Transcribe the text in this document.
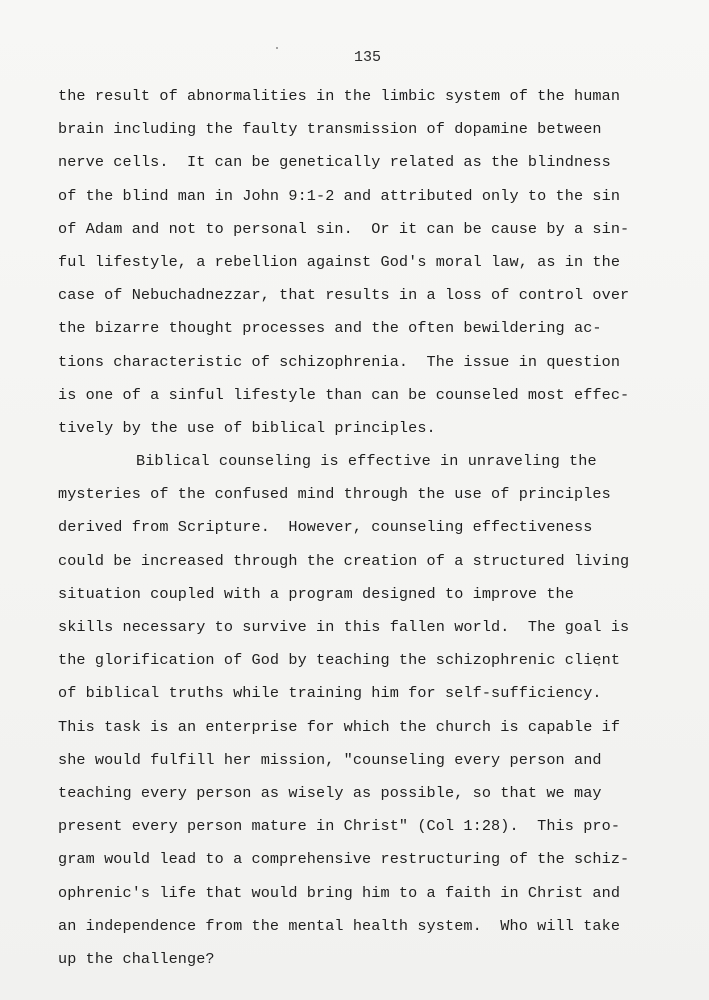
135
the result of abnormalities in the limbic system of the human
brain including the faulty transmission of dopamine between
nerve cells.  It can be genetically related as the blindness
of the blind man in John 9:1-2 and attributed only to the sin
of Adam and not to personal sin.  Or it can be cause by a sin-
ful lifestyle, a rebellion against God's moral law, as in the
case of Nebuchadnezzar, that results in a loss of control over
the bizarre thought processes and the often bewildering ac-
tions characteristic of schizophrenia.  The issue in question
is one of a sinful lifestyle than can be counseled most effec-
tively by the use of biblical principles.
Biblical counseling is effective in unraveling the
mysteries of the confused mind through the use of principles
derived from Scripture.  However, counseling effectiveness
could be increased through the creation of a structured living
situation coupled with a program designed to improve the
skills necessary to survive in this fallen world.  The goal is
the glorification of God by teaching the schizophrenic client
of biblical truths while training him for self-sufficiency.
This task is an enterprise for which the church is capable if
she would fulfill her mission, "counseling every person and
teaching every person as wisely as possible, so that we may
present every person mature in Christ" (Col 1:28).  This pro-
gram would lead to a comprehensive restructuring of the schiz-
ophrenic's life that would bring him to a faith in Christ and
an independence from the mental health system.  Who will take
up the challenge?
